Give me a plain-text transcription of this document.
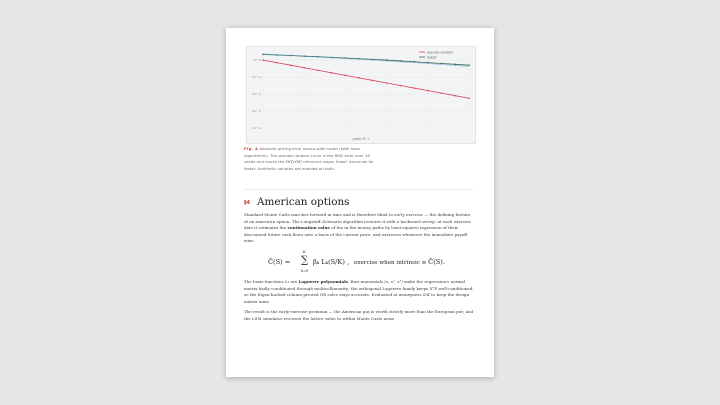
10^0
10^-1
10^-2
10^-3
10^-4
pseudo-random
Sobol'
paths M →
Fig. 4 Absolute pricing error versus path count (both axes logarithmic). The pseudo-random curve is the RMS error over 16 seeds and tracks the O(1/√N) reference slope; Sobol' descends far faster. Antithetic variates are enabled on both.
§4 American options
Standard Monte Carlo marches forward in time and is therefore blind to early exercise — the defining feature of an American option. The Longstaff–Schwartz algorithm restores it with a backward sweep: at each exercise date it estimates the continuation value of the in-the-money paths by least-squares regression of their discounted future cash flows onto a basis of the current price, and exercises whenever the immediate payoff wins.
Ĉ(S) =
K
∑
k=0
βₖ Lₖ(S/K) , exercise when intrinsic ≥ Ĉ(S).
The basis functions Lₖ are Laguerre polynomials. Raw monomials (x, x², x³) make the regression's normal matrix badly conditioned through multicollinearity; the orthogonal Laguerre family keeps XᵀX well-conditioned, so the Eigen-backed column-pivoted QR solve stays accurate. Evaluated at moneyness S/K to keep the design matrix tame.
The result is the early-exercise premium — the American put is worth strictly more than the European put; and the LSM simulator recovers the lattice value to within Monte Carlo noise.
